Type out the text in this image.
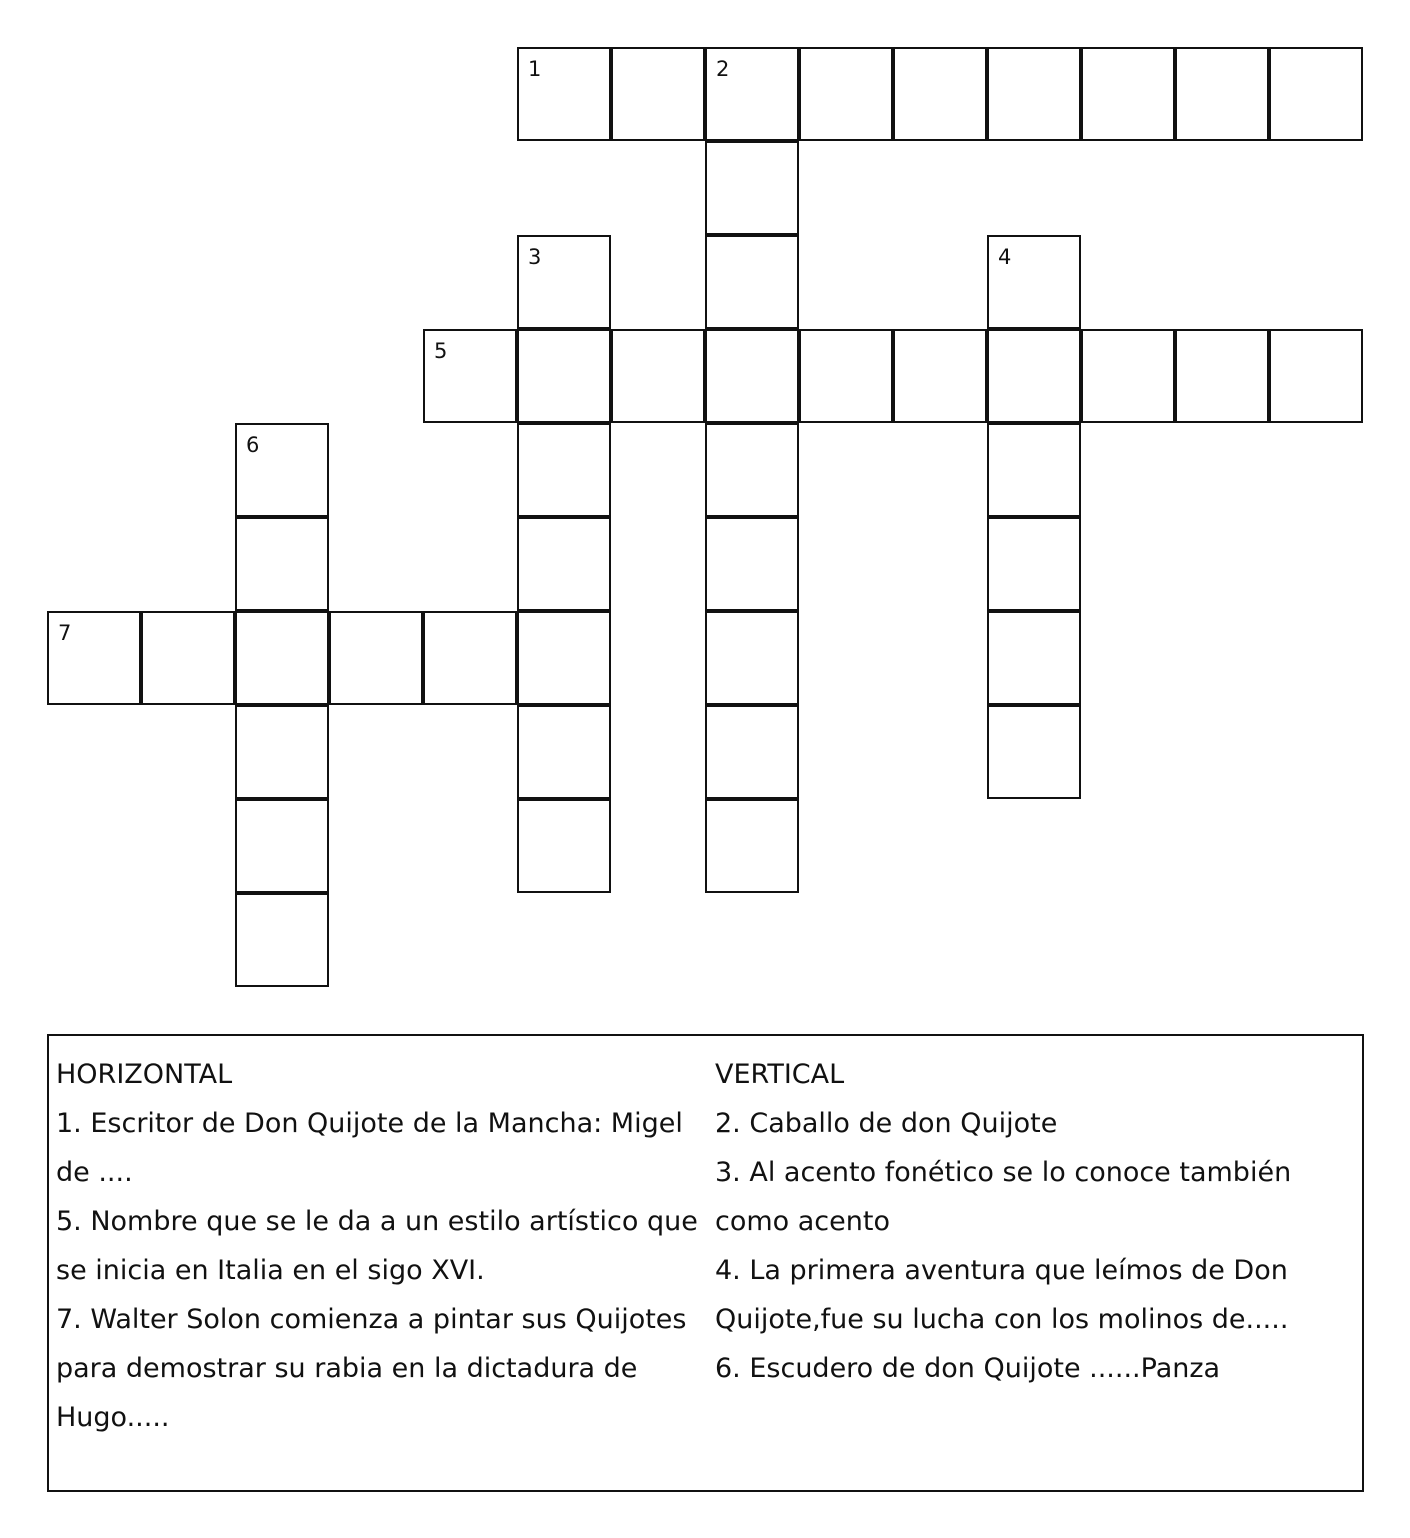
1	2
3	4
5
6
7
HORIZONTAL
1. Escritor de Don Quijote de la Mancha: Migel
de ....
5. Nombre que se le da a un estilo artístico que
se inicia en Italia en el sigo XVI.
7. Walter Solon comienza a pintar sus Quijotes
para demostrar su rabia en la dictadura de
Hugo.....
VERTICAL
2. Caballo de don Quijote
3. Al acento fonético se lo conoce también
como acento
4. La primera aventura que leímos de Don
Quijote,fue su lucha con los molinos de.....
6. Escudero de don Quijote ......Panza
